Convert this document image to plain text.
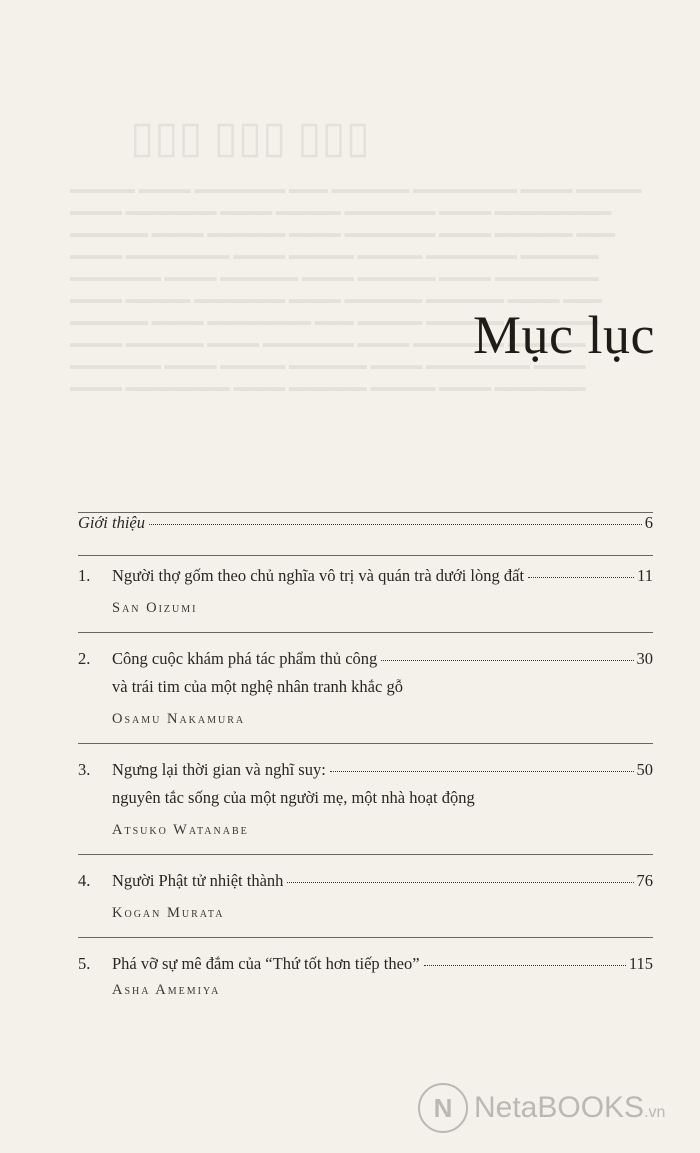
▯▯▯ ▯▯▯ ▯▯▯
▬▬▬▬▬ ▬▬▬▬ ▬▬▬▬▬▬▬ ▬▬▬ ▬▬▬▬▬▬ ▬▬▬▬▬▬▬▬ ▬▬▬▬ ▬▬▬▬▬
▬▬▬▬ ▬▬▬▬▬▬▬ ▬▬▬▬ ▬▬▬▬▬ ▬▬▬▬▬▬▬ ▬▬▬▬ ▬▬▬▬▬▬▬▬▬
▬▬▬▬▬▬ ▬▬▬▬ ▬▬▬▬▬▬ ▬▬▬▬ ▬▬▬▬▬▬▬ ▬▬▬▬ ▬▬▬▬▬▬ ▬▬▬
▬▬▬▬ ▬▬▬▬▬▬▬▬ ▬▬▬▬ ▬▬▬▬▬ ▬▬▬▬▬ ▬▬▬▬▬▬▬ ▬▬▬▬▬▬
▬▬▬▬▬▬▬ ▬▬▬▬ ▬▬▬▬▬▬ ▬▬▬▬ ▬▬▬▬▬▬ ▬▬▬▬ ▬▬▬▬▬▬▬▬
▬▬▬▬ ▬▬▬▬▬ ▬▬▬▬▬▬▬ ▬▬▬▬ ▬▬▬▬▬▬ ▬▬▬▬▬▬ ▬▬▬▬ ▬▬▬
▬▬▬▬▬▬ ▬▬▬▬ ▬▬▬▬▬▬▬▬ ▬▬▬ ▬▬▬▬▬ ▬▬▬▬▬▬ ▬▬▬▬▬▬▬
▬▬▬▬ ▬▬▬▬▬▬ ▬▬▬▬ ▬▬▬▬▬▬▬ ▬▬▬▬ ▬▬▬▬▬▬▬ ▬▬▬▬▬▬
▬▬▬▬▬▬▬ ▬▬▬▬ ▬▬▬▬▬ ▬▬▬▬▬▬ ▬▬▬▬ ▬▬▬▬▬▬▬▬ ▬▬▬▬
▬▬▬▬ ▬▬▬▬▬▬▬▬ ▬▬▬▬ ▬▬▬▬▬▬ ▬▬▬▬▬ ▬▬▬▬ ▬▬▬▬▬▬▬
Mục lục
Giới thiệu	6
1.	Người thợ gốm theo chủ nghĩa vô trị và quán trà dưới lòng đất	11
San Oizumi
2.	Công cuộc khám phá tác phẩm thủ công	30
và trái tim của một nghệ nhân tranh khắc gỗ
Osamu Nakamura
3.	Ngưng lại thời gian và nghĩ suy:	50
nguyên tắc sống của một người mẹ, một nhà hoạt động
Atsuko Watanabe
4.	Người Phật tử nhiệt thành	76
Kogan Murata
5.	Phá vỡ sự mê đắm của “Thứ tốt hơn tiếp theo”	115
Asha Amemiya
N NetaBOOKS.vn
